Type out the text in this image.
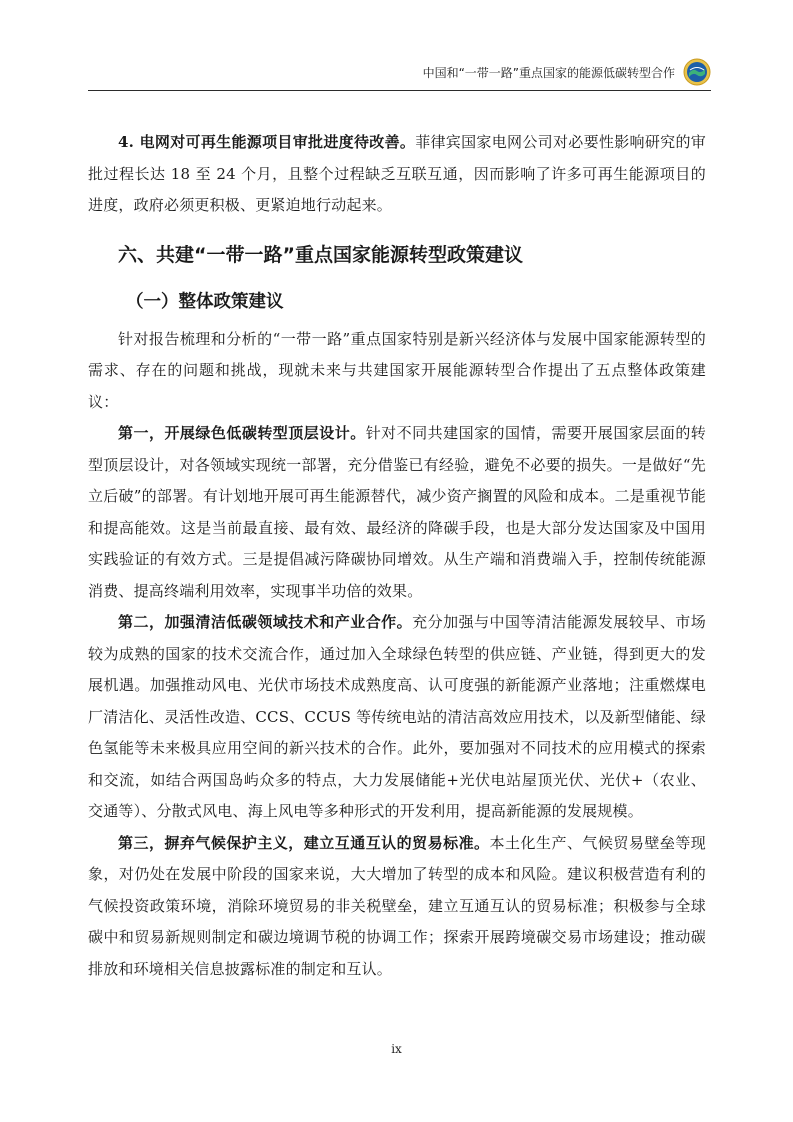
中国和“一带一路”重点国家的能源低碳转型合作

4. 电网对可再生能源项目审批进度待改善。菲律宾国家电网公司对必要性影响研究的审批过程长达 18 至 24 个月，且整个过程缺乏互联互通，因而影响了许多可再生能源项目的进度，政府必须更积极、更紧迫地行动起来。

六、共建“一带一路”重点国家能源转型政策建议
（一）整体政策建议

针对报告梳理和分析的“一带一路”重点国家特别是新兴经济体与发展中国家能源转型的需求、存在的问题和挑战，现就未来与共建国家开展能源转型合作提出了五点整体政策建议：

第一，开展绿色低碳转型顶层设计。针对不同共建国家的国情，需要开展国家层面的转型顶层设计，对各领域实现统一部署，充分借鉴已有经验，避免不必要的损失。一是做好“先立后破”的部署。有计划地开展可再生能源替代，减少资产搁置的风险和成本。二是重视节能和提高能效。这是当前最直接、最有效、最经济的降碳手段，也是大部分发达国家及中国用实践验证的有效方式。三是提倡减污降碳协同增效。从生产端和消费端入手，控制传统能源消费、提高终端利用效率，实现事半功倍的效果。

第二，加强清洁低碳领域技术和产业合作。充分加强与中国等清洁能源发展较早、市场较为成熟的国家的技术交流合作，通过加入全球绿色转型的供应链、产业链，得到更大的发展机遇。加强推动风电、光伏市场技术成熟度高、认可度强的新能源产业落地；注重燃煤电厂清洁化、灵活性改造、CCS、CCUS 等传统电站的清洁高效应用技术，以及新型储能、绿色氢能等未来极具应用空间的新兴技术的合作。此外，要加强对不同技术的应用模式的探索和交流，如结合两国岛屿众多的特点，大力发展储能+光伏电站屋顶光伏、光伏+（农业、交通等）、分散式风电、海上风电等多种形式的开发利用，提高新能源的发展规模。

第三，摒弃气候保护主义，建立互通互认的贸易标准。本土化生产、气候贸易壁垒等现象，对仍处在发展中阶段的国家来说，大大增加了转型的成本和风险。建议积极营造有利的气候投资政策环境，消除环境贸易的非关税壁垒，建立互通互认的贸易标准；积极参与全球碳中和贸易新规则制定和碳边境调节税的协调工作；探索开展跨境碳交易市场建设；推动碳排放和环境相关信息披露标准的制定和互认。

ix
